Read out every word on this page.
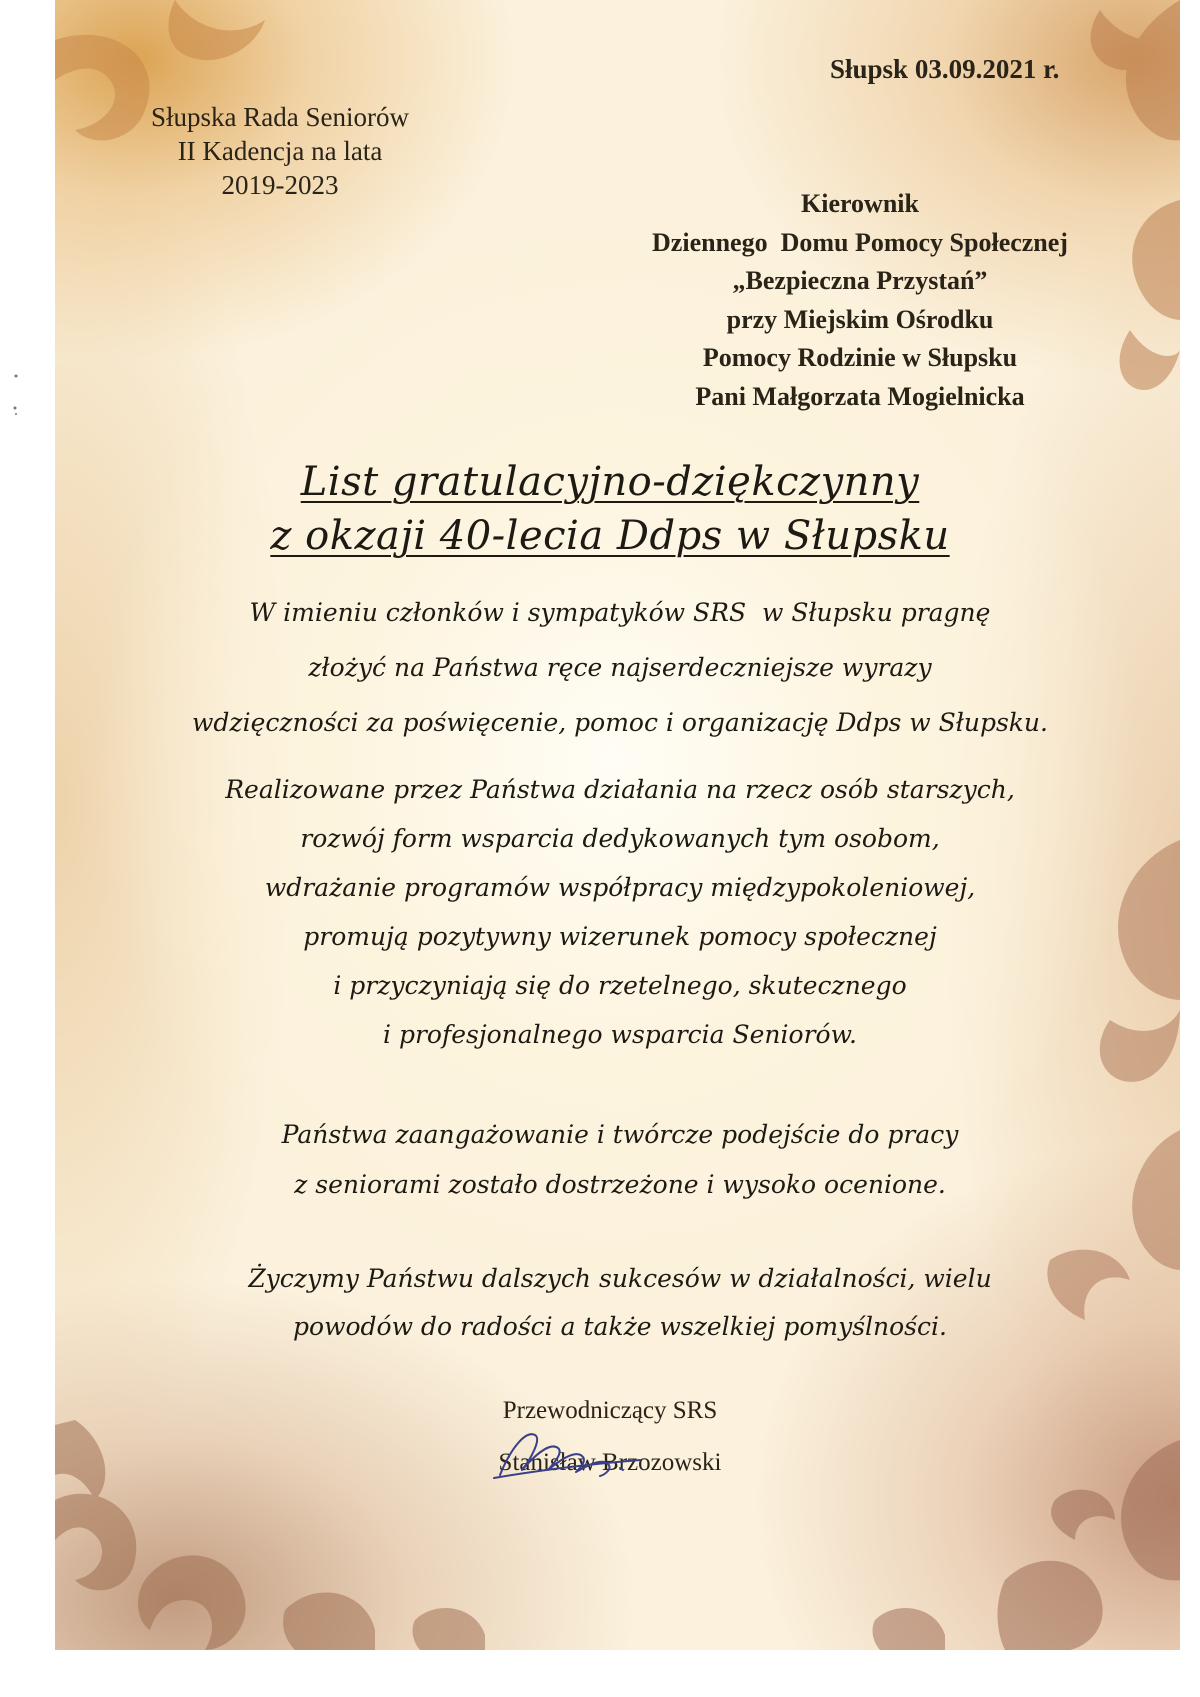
Słupska Rada Seniorów
II Kadencja na lata
2019-2023
Słupsk 03.09.2021 r.
Kierownik
Dziennego  Domu Pomocy Społecznej
„Bezpieczna Przystań”
przy Miejskim Ośrodku
Pomocy Rodzinie w Słupsku
Pani Małgorzata Mogielnicka
List gratulacyjno-dziękczynny
z okzaji 40-lecia Ddps w Słupsku
W imieniu członków i sympatyków SRS  w Słupsku pragnę
złożyć na Państwa ręce najserdeczniejsze wyrazy
wdzięczności za poświęcenie, pomoc i organizację Ddps w Słupsku.
Realizowane przez Państwa działania na rzecz osób starszych,
rozwój form wsparcia dedykowanych tym osobom,
wdrażanie programów współpracy międzypokoleniowej,
promują pozytywny wizerunek pomocy społecznej
i przyczyniają się do rzetelnego, skutecznego
i profesjonalnego wsparcia Seniorów.
Państwa zaangażowanie i twórcze podejście do pracy
z seniorami zostało dostrzeżone i wysoko ocenione.
Życzymy Państwu dalszych sukcesów w działalności, wielu
powodów do radości a także wszelkiej pomyślności.
Przewodniczący SRS
Stanisław Brzozowski
